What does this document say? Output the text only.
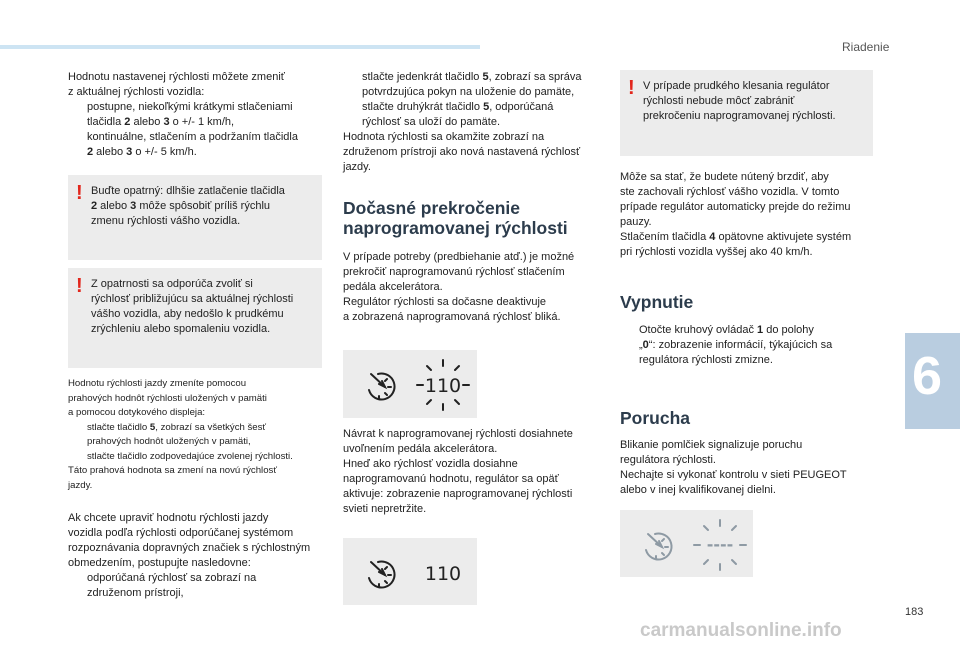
Riadenie
6
183
carmanualsonline.info

Hodnotu nastavenej rýchlosti môžete zmeniť
z aktuálnej rýchlosti vozidla:

postupne, niekoľkými krátkymi stlačeniami
tlačidla 2 alebo 3 o +/- 1 km/h,
kontinuálne, stlačením a podržaním tlačidla
2 alebo 3 o +/- 5 km/h.
! Buďte opatrný: dlhšie zatlačenie tlačidla
2 alebo 3 môže spôsobiť príliš rýchlu
zmenu rýchlosti vášho vozidla.

! Z opatrnosti sa odporúča zvoliť si
rýchlosť približujúcu sa aktuálnej rýchlosti
vášho vozidla, aby nedošlo k prudkému
zrýchleniu alebo spomaleniu vozidla.

Hodnotu rýchlosti jazdy zmeníte pomocou
prahových hodnôt rýchlosti uložených v pamäti
a pomocou dotykového displeja:

stlačte tlačidlo 5, zobrazí sa všetkých šesť
prahových hodnôt uložených v pamäti,
stlačte tlačidlo zodpovedajúce zvolenej rýchlosti.

Táto prahová hodnota sa zmení na novú rýchlosť
jazdy.

Ak chcete upraviť hodnotu rýchlosti jazdy
vozidla podľa rýchlosti odporúčanej systémom
rozpoznávania dopravných značiek s rýchlostným
obmedzením, postupujte nasledovne:

odporúčaná rýchlosť sa zobrazí na
združenom prístroji,
stlačte jedenkrát tlačidlo 5, zobrazí sa správa
potvrdzujúca pokyn na uloženie do pamäte,
stlačte druhýkrát tlačidlo 5, odporúčaná
rýchlosť sa uloží do pamäte.

Hodnota rýchlosti sa okamžite zobrazí na
združenom prístroji ako nová nastavená rýchlosť
jazdy.

Dočasné prekročenie
naprogramovanej rýchlosti

V prípade potreby (predbiehanie atď.) je možné
prekročiť naprogramovanú rýchlosť stlačením
pedála akcelerátora.
Regulátor rýchlosti sa dočasne deaktivuje
a zobrazená naprogramovaná rýchlosť bliká.

110

Návrat k naprogramovanej rýchlosti dosiahnete
uvoľnením pedála akcelerátora.
Hneď ako rýchlosť vozidla dosiahne
naprogramovanú hodnotu, regulátor sa opäť
aktivuje: zobrazenie naprogramovanej rýchlosti
svieti nepretržite.

110
! V prípade prudkého klesania regulátor
rýchlosti nebude môcť zabrániť
prekročeniu naprogramovanej rýchlosti.

Môže sa stať, že budete nútený brzdiť, aby
ste zachovali rýchlosť vášho vozidla. V tomto
prípade regulátor automaticky prejde do režimu
pauzy.
Stlačením tlačidla 4 opätovne aktivujete systém
pri rýchlosti vozidla vyššej ako 40 km/h.

Vypnutie
Otočte kruhový ovládač 1 do polohy
„0“: zobrazenie informácií, týkajúcich sa
regulátora rýchlosti zmizne.
Porucha

Blikanie pomlčiek signalizuje poruchu
regulátora rýchlosti.
Nechajte si vykonať kontrolu v sieti PEUGEOT
alebo v inej kvalifikovanej dielni.

----
